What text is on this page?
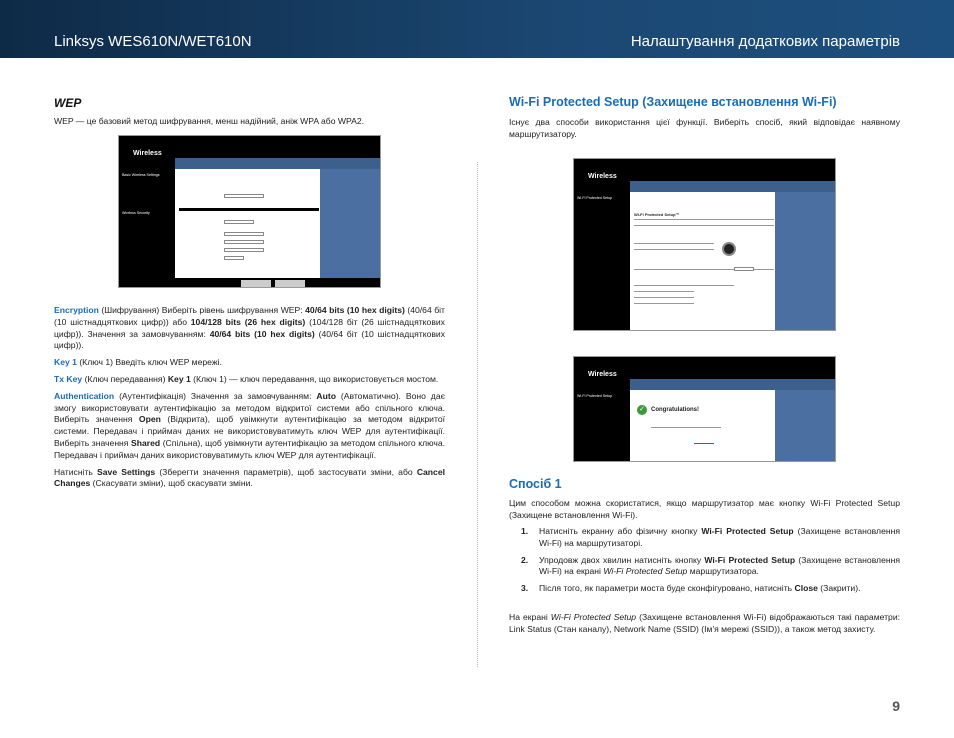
Linksys WES610N/WET610N	Налаштування додаткових параметрів
WEP

WEP — це базовий метод шифрування, менш надійний, аніж WPA або WPA2.

Wireless
Basic Wireless Settings
Wireless Security

Encryption (Шифрування) Виберіть рівень шифрування WEP: 40/64 bits (10 hex digits) (40/64 біт (10 шістнадцяткових цифр)) або 104/128 bits (26 hex digits) (104/128 біт (26 шістнадцяткових цифр)). Значення за замовчуванням: 40/64 bits (10 hex digits) (40/64 біт (10 шістнадцяткових цифр)).

Key 1 (Ключ 1) Введіть ключ WEP мережі.

Tx Key (Ключ передавання) Key 1 (Ключ 1) — ключ передавання, що використовується мостом.

Authentication (Аутентифікація) Значення за замовчуванням: Auto (Автоматично). Воно дає змогу використовувати аутентифікацію за методом відкритої системи або спільного ключа. Виберіть значення Open (Відкрита), щоб увімкнути аутентифікацію за методом відкритої системи. Передавач і приймач даних не використовуватимуть ключ WEP для аутентифікації. Виберіть значення Shared (Спільна), щоб увімкнути аутентифікацію за методом спільного ключа. Передавач і приймач даних використовуватимуть ключ WEP для аутентифікації.

Натисніть Save Settings (Зберегти значення параметрів), щоб застосувати зміни, або Cancel Changes (Скасувати зміни), щоб скасувати зміни.

Wi-Fi Protected Setup (Захищене встановлення Wi-Fi)

Існує два способи використання цієї функції. Виберіть спосіб, який відповідає наявному маршрутизатору.

Wireless
Wi-Fi Protected Setup
Wi-Fi Protected Setup™
Wireless
Wi-Fi Protected Setup
✓	Congratulations!
Спосіб 1

Цим способом можна скористатися, якщо маршрутизатор має кнопку Wi-Fi Protected Setup (Захищене встановлення Wi-Fi).

1. Натисніть екранну або фізичну кнопку Wi-Fi Protected Setup (Захищене встановлення Wi-Fi) на маршрутизаторі.
2. Упродовж двох хвилин натисніть кнопку Wi-Fi Protected Setup (Захищене встановлення Wi-Fi) на екрані Wi-Fi Protected Setup маршрутизатора.
3. Після того, як параметри моста буде сконфігуровано, натисніть Close (Закрити).

На екрані Wi-Fi Protected Setup (Захищене встановлення Wi-Fi) відображаються такі параметри: Link Status (Стан каналу), Network Name (SSID) (Ім'я мережі (SSID)), а також метод захисту.

9
